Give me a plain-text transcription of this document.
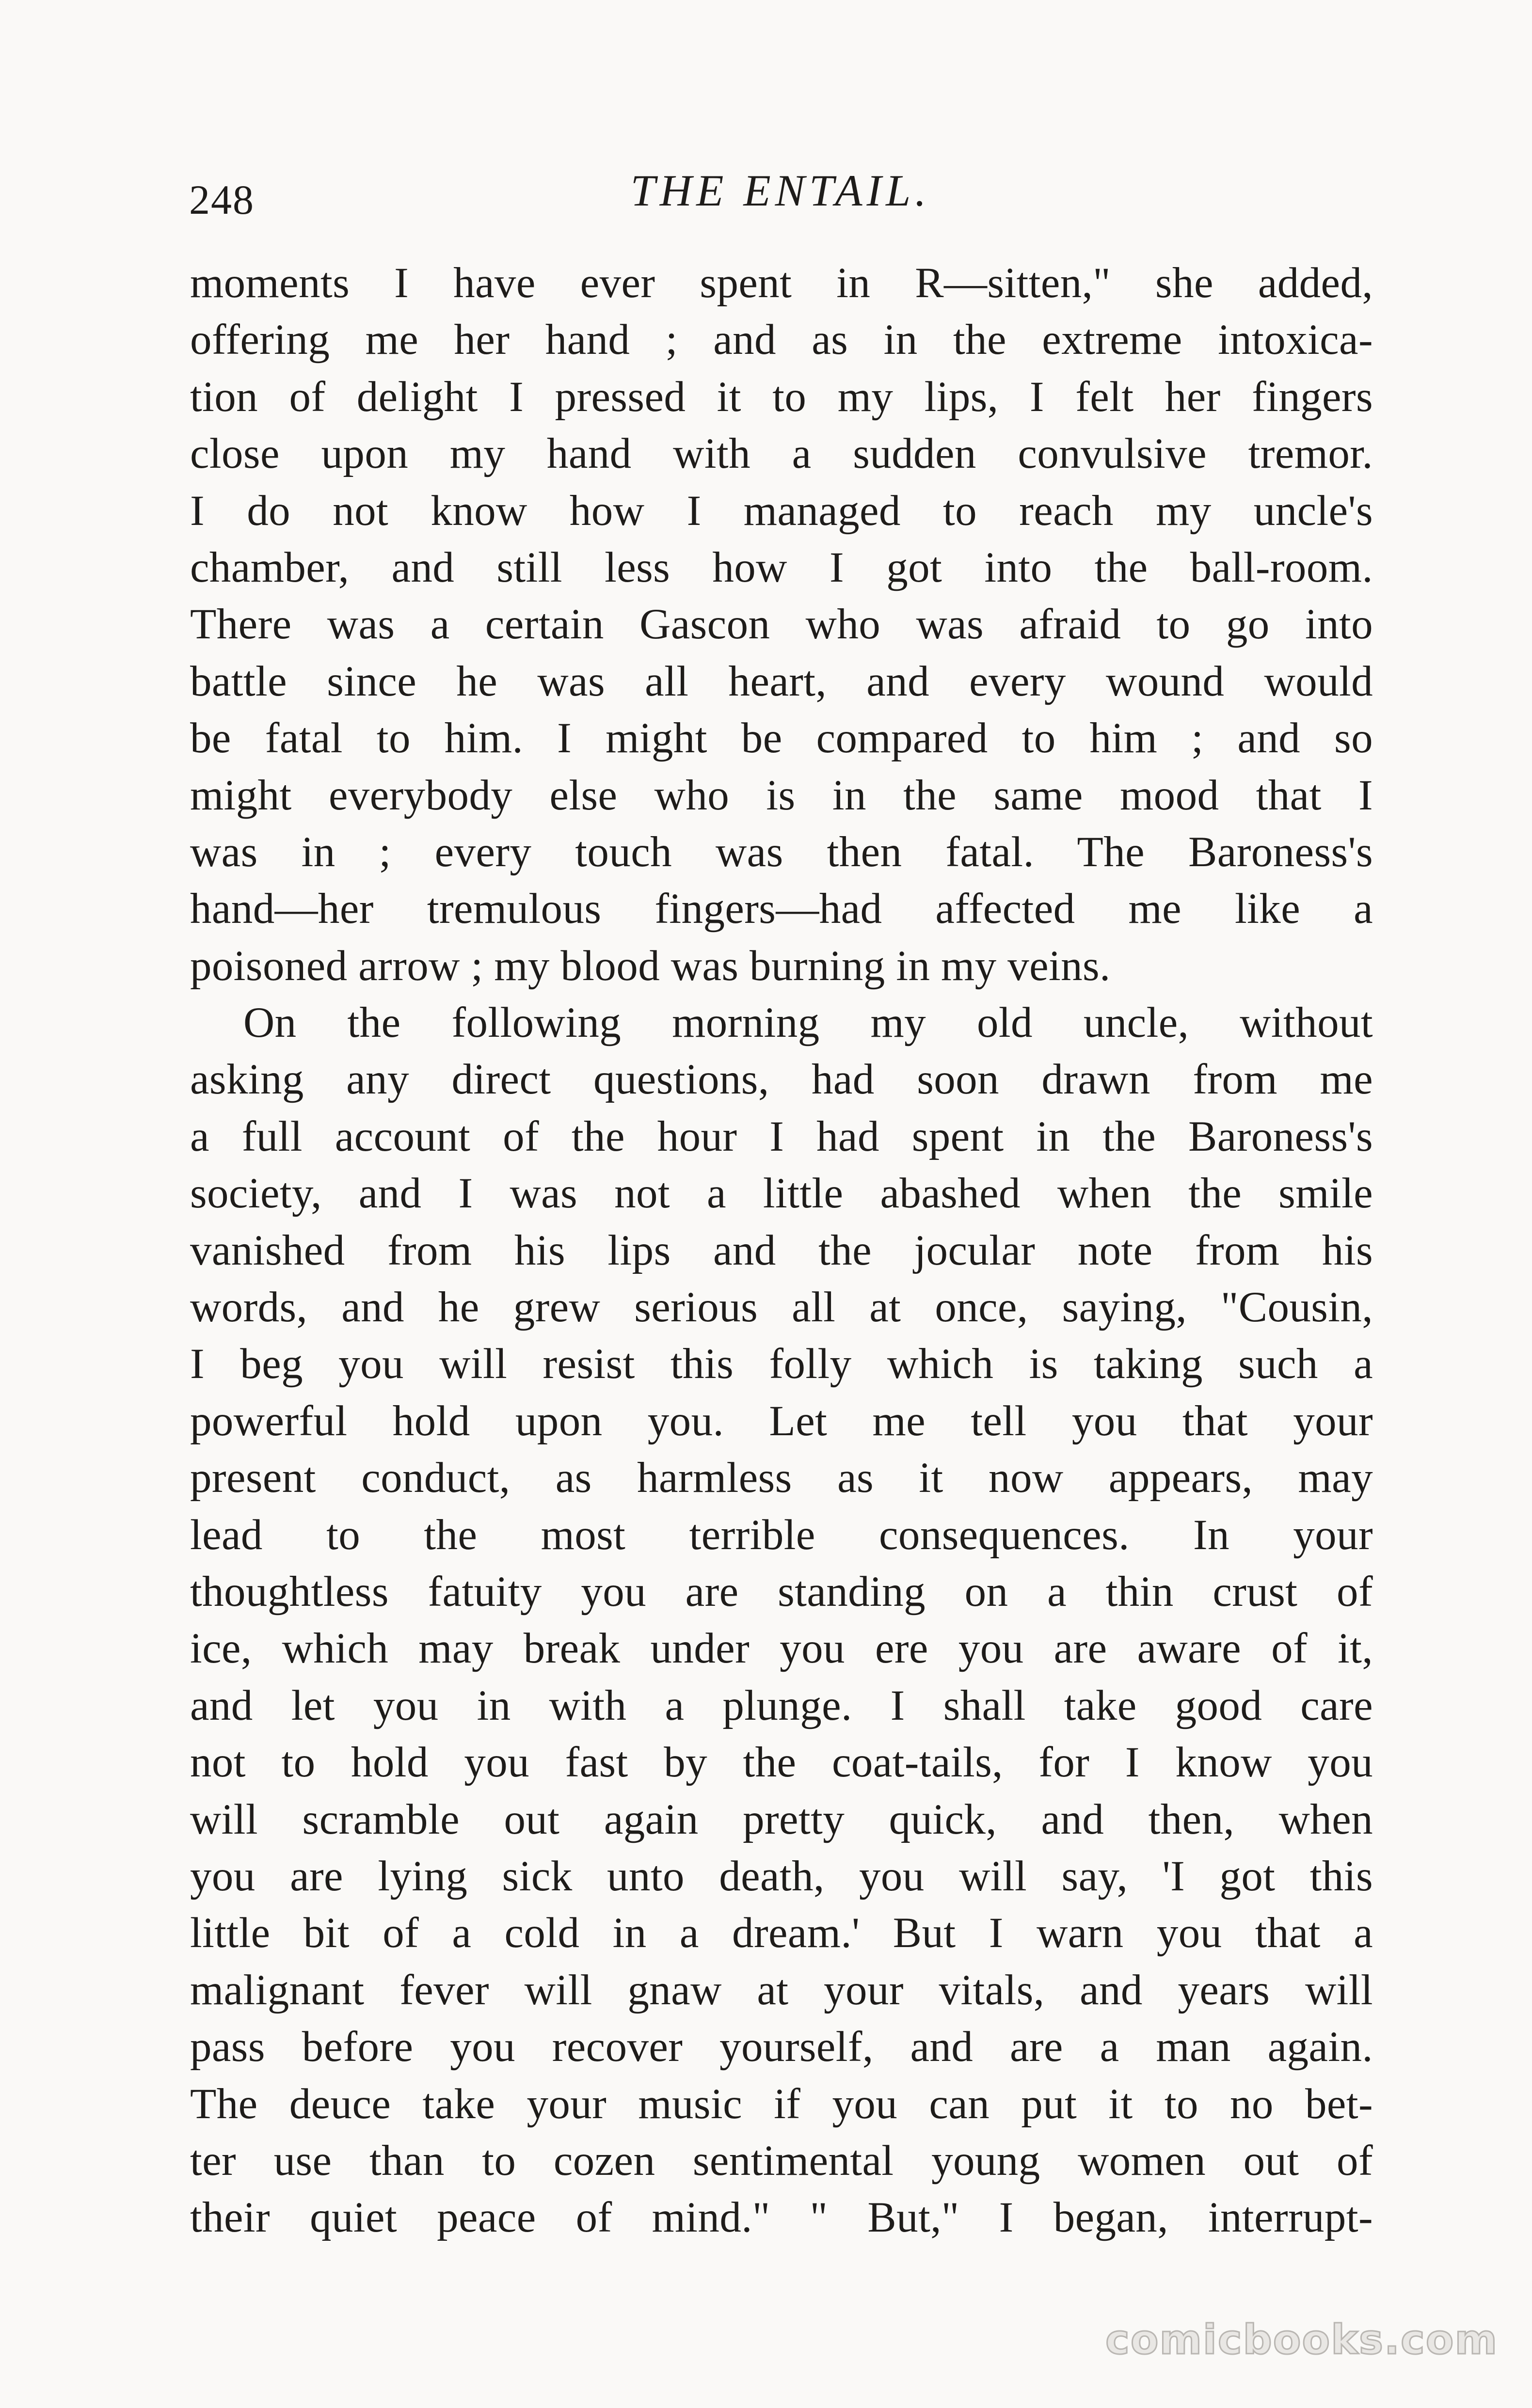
248	THE ENTAIL.
moments I have ever spent in R—sitten," she added,
offering me her hand ; and as in the extreme intoxica-
tion of delight I pressed it to my lips, I felt her fingers
close upon my hand with a sudden convulsive tremor.
I do not know how I managed to reach my uncle's
chamber, and still less how I got into the ball-room.
There was a certain Gascon who was afraid to go into
battle since he was all heart, and every wound would
be fatal to him. I might be compared to him ; and so
might everybody else who is in the same mood that I
was in ; every touch was then fatal. The Baroness's
hand—her tremulous fingers—had affected me like a
poisoned arrow ; my blood was burning in my veins.
On the following morning my old uncle, without
asking any direct questions, had soon drawn from me
a full account of the hour I had spent in the Baroness's
society, and I was not a little abashed when the smile
vanished from his lips and the jocular note from his
words, and he grew serious all at once, saying, "Cousin,
I beg you will resist this folly which is taking such a
powerful hold upon you. Let me tell you that your
present conduct, as harmless as it now appears, may
lead to the most terrible consequences. In your
thoughtless fatuity you are standing on a thin crust of
ice, which may break under you ere you are aware of it,
and let you in with a plunge. I shall take good care
not to hold you fast by the coat-tails, for I know you
will scramble out again pretty quick, and then, when
you are lying sick unto death, you will say, 'I got this
little bit of a cold in a dream.' But I warn you that a
malignant fever will gnaw at your vitals, and years will
pass before you recover yourself, and are a man again.
The deuce take your music if you can put it to no bet-
ter use than to cozen sentimental young women out of
their quiet peace of mind." " But," I began, interrupt-
comicbooks.com
